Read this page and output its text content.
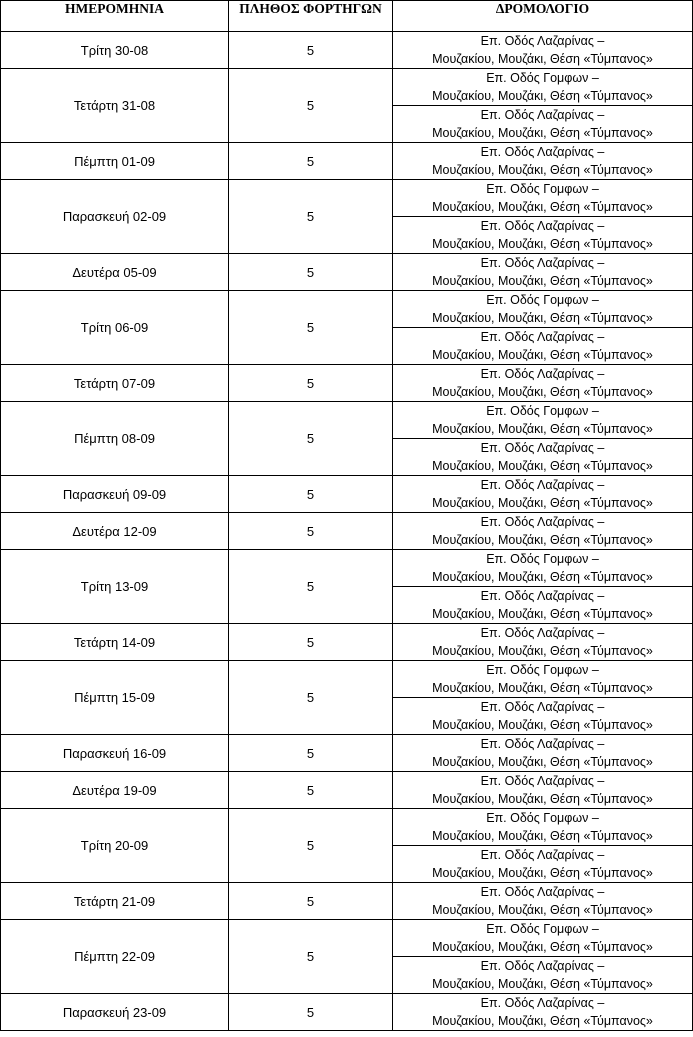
ΗΜΕΡΟΜΗΝΙΑ	ΠΛΗΘΟΣ ΦΟΡΤΗΓΩΝ	ΔΡΟΜΟΛΟΓΙΟ
Τρίτη 30-08	5	Επ. Οδός Λαζαρίνας –
Μουζακίου, Μουζάκι, Θέση «Τύμπανος»

Τετάρτη 31-08	5	Επ. Οδός Γομφων –
Μουζακίου, Μουζάκι, Θέση «Τύμπανος»

		Επ. Οδός Λαζαρίνας –
Μουζακίου, Μουζάκι, Θέση «Τύμπανος»

Πέμπτη 01-09	5	Επ. Οδός Λαζαρίνας –
Μουζακίου, Μουζάκι, Θέση «Τύμπανος»

Παρασκευή 02-09	5	Επ. Οδός Γομφων –
Μουζακίου, Μουζάκι, Θέση «Τύμπανος»

		Επ. Οδός Λαζαρίνας –
Μουζακίου, Μουζάκι, Θέση «Τύμπανος»

Δευτέρα 05-09	5	Επ. Οδός Λαζαρίνας –
Μουζακίου, Μουζάκι, Θέση «Τύμπανος»

Τρίτη 06-09	5	Επ. Οδός Γομφων –
Μουζακίου, Μουζάκι, Θέση «Τύμπανος»

		Επ. Οδός Λαζαρίνας –
Μουζακίου, Μουζάκι, Θέση «Τύμπανος»

Τετάρτη 07-09	5	Επ. Οδός Λαζαρίνας –
Μουζακίου, Μουζάκι, Θέση «Τύμπανος»

Πέμπτη 08-09	5	Επ. Οδός Γομφων –
Μουζακίου, Μουζάκι, Θέση «Τύμπανος»

		Επ. Οδός Λαζαρίνας –
Μουζακίου, Μουζάκι, Θέση «Τύμπανος»

Παρασκευή 09-09	5	Επ. Οδός Λαζαρίνας –
Μουζακίου, Μουζάκι, Θέση «Τύμπανος»

Δευτέρα 12-09	5	Επ. Οδός Λαζαρίνας –
Μουζακίου, Μουζάκι, Θέση «Τύμπανος»

Τρίτη 13-09	5	Επ. Οδός Γομφων –
Μουζακίου, Μουζάκι, Θέση «Τύμπανος»

		Επ. Οδός Λαζαρίνας –
Μουζακίου, Μουζάκι, Θέση «Τύμπανος»

Τετάρτη 14-09	5	Επ. Οδός Λαζαρίνας –
Μουζακίου, Μουζάκι, Θέση «Τύμπανος»

Πέμπτη 15-09	5	Επ. Οδός Γομφων –
Μουζακίου, Μουζάκι, Θέση «Τύμπανος»

		Επ. Οδός Λαζαρίνας –
Μουζακίου, Μουζάκι, Θέση «Τύμπανος»

Παρασκευή 16-09	5	Επ. Οδός Λαζαρίνας –
Μουζακίου, Μουζάκι, Θέση «Τύμπανος»

Δευτέρα 19-09	5	Επ. Οδός Λαζαρίνας –
Μουζακίου, Μουζάκι, Θέση «Τύμπανος»

Τρίτη 20-09	5	Επ. Οδός Γομφων –
Μουζακίου, Μουζάκι, Θέση «Τύμπανος»

		Επ. Οδός Λαζαρίνας –
Μουζακίου, Μουζάκι, Θέση «Τύμπανος»

Τετάρτη 21-09	5	Επ. Οδός Λαζαρίνας –
Μουζακίου, Μουζάκι, Θέση «Τύμπανος»

Πέμπτη 22-09	5	Επ. Οδός Γομφων –
Μουζακίου, Μουζάκι, Θέση «Τύμπανος»

		Επ. Οδός Λαζαρίνας –
Μουζακίου, Μουζάκι, Θέση «Τύμπανος»

Παρασκευή 23-09	5	Επ. Οδός Λαζαρίνας –
Μουζακίου, Μουζάκι, Θέση «Τύμπανος»
